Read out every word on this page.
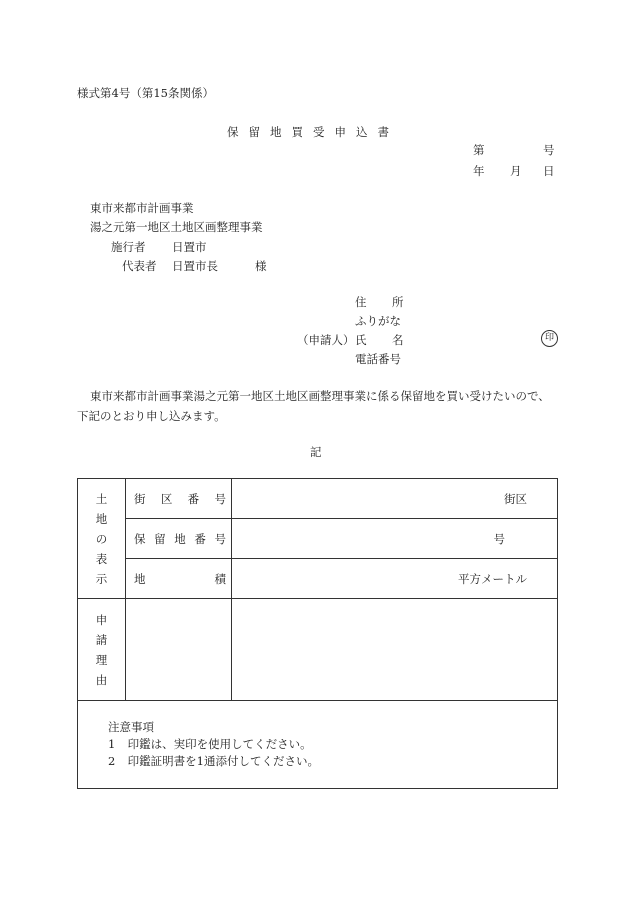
様式第4号（第15条関係）
保留地買受申込書
第	号
年 月 日
東市来都市計画事業
湯之元第一地区土地区画整理事業
施行者 日置市
代表者 日置市長	様
住 所
ふりがな
（申請人） 氏 名	印
電話番号
東市来都市計画事業湯之元第一地区土地区画整理事業に係る保留地を買い受けたいので、
下記のとおり申し込みます。
記
土
地
の
表
示	街 区 番 号	街区

	保 留 地 番 号	号

	地 積	平方メートル

申
請
理
由		

注意事項
1 印鑑は、実印を使用してください。
2 印鑑証明書を1通添付してください。		
